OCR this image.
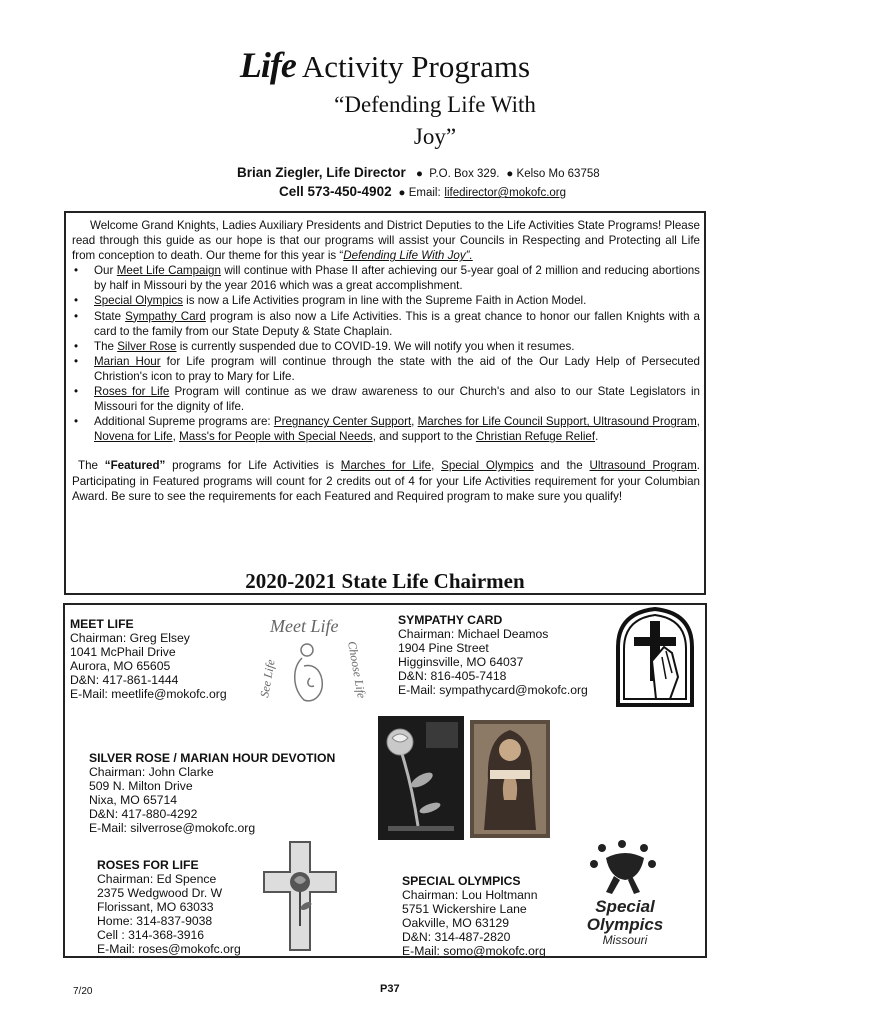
Life Activity Programs
“Defending Life With
Joy”
Brian Ziegler, Life Director   ●  P.O. Box 329.  ● Kelso Mo 63758
Cell 573-450-4902  ● Email: lifedirector@mokofc.org

Welcome Grand Knights, Ladies Auxiliary Presidents and District Deputies to the Life Activities State Programs! Please read through this guide as our hope is that our programs will assist your Councils in Respecting and Protecting all Life from conception to death. Our theme for this year is “Defending Life With Joy”.

• Our Meet Life Campaign will continue with Phase II after achieving our 5-year goal of 2 million and reducing abortions by half in Missouri by the year 2016 which was a great accomplishment.
• Special Olympics is now a Life Activities program in line with the Supreme Faith in Action Model.
• State Sympathy Card program is also now a Life Activities. This is a great chance to honor our fallen Knights with a card to the family from our State Deputy & State Chaplain.
• The Silver Rose is currently suspended due to COVID-19. We will notify you when it resumes.
• Marian Hour for Life program will continue through the state with the aid of the Our Lady Help of Persecuted Christion's icon to pray to Mary for Life.
• Roses for Life Program will continue as we draw awareness to our Church's and also to our State Legislators in Missouri for the dignity of life.
• Additional Supreme programs are: Pregnancy Center Support, Marches for Life Council Support, Ultrasound Program, Novena for Life, Mass's for People with Special Needs, and support to the Christian Refuge Relief.

The “Featured” programs for Life Activities is Marches for Life, Special Olympics and the Ultrasound Program. Participating in Featured programs will count for 2 credits out of 4 for your Life Activities requirement for your Columbian Award. Be sure to see the requirements for each Featured and Required program to make sure you qualify!

2020-2021 State Life Chairmen
MEET LIFE
Chairman: Greg Elsey
1041 McPhail Drive
Aurora, MO 65605
D&N: 417-861-1444
E-Mail: meetlife@mokofc.org
Meet Life
See Life	Choose Life
SYMPATHY CARD
Chairman: Michael Deamos
1904 Pine Street
Higginsville, MO 64037
D&N: 816-405-7418
E-Mail: sympathycard@mokofc.org
SILVER ROSE / MARIAN HOUR DEVOTION
Chairman: John Clarke
509 N. Milton Drive
Nixa, MO 65714
D&N: 417-880-4292
E-Mail: silverrose@mokofc.org
ROSES FOR LIFE
Chairman: Ed Spence
2375 Wedgwood Dr. W
Florissant, MO 63033
Home: 314-837-9038
Cell : 314-368-3916
E-Mail: roses@mokofc.org
SPECIAL OLYMPICS
Chairman: Lou Holtmann
5751 Wickershire Lane
Oakville, MO 63129
D&N: 314-487-2820
E-Mail: somo@mokofc.org
Special
Olympics
Missouri
7/20	P37
